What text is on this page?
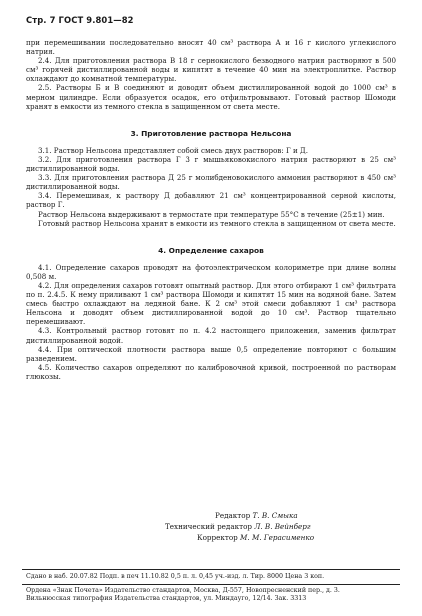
Стр. 7 ГОСТ 9.801—82

при перемешивании последовательно вносят 40 см³ раствора А и 16 г кислого углекислого натрия.

2.4. Для приготовления раствора В 18 г сернокислого безводного натрия растворяют в 500 см³ горячей дистиллированной воды и кипятят в течение 40 мин на электроплитке. Раствор охлаждают до комнатной температуры.

2.5. Растворы Б и В соединяют и доводят объем дистиллированной водой до 1000 см³ в мерном цилиндре. Если образуется осадок, его отфильтровывают. Готовый раствор Шомоди хранят в емкости из темного стекла в защищенном от света месте.

3. Приготовление раствора Нельсона

3.1. Раствор Нельсона представляет собой смесь двух растворов: Г и Д.

3.2. Для приготовления раствора Г 3 г мышьяковокислого натрия растворяют в 25 см³ дистиллированной воды.

3.3. Для приготовления раствора Д 25 г молибденовокислого аммония растворяют в 450 см³ дистиллированной воды.

3.4. Перемешивая, к раствору Д добавляют 21 см³ концентрированной серной кислоты, раствор Г.

Раствор Нельсона выдерживают в термостате при температуре 55°С в течение (25±1) мин.

Готовый раствор Нельсона хранят в емкости из темного стекла в защищенном от света месте.

4. Определение сахаров

4.1. Определение сахаров проводят на фотоэлектрическом колориметре при длине волны 0,508 м.

4.2. Для определения сахаров готовят опытный раствор. Для этого отбирают 1 см³ фильтрата по п. 2.4.5. К нему приливают 1 см³ раствора Шомоди и кипятят 15 мин на водяной бане. Затем смесь быстро охлаждают на ледяной бане. К 2 см³ этой смеси добавляют 1 см³ раствора Нельсона и доводят объем дистиллированной водой до 10 см³. Раствор тщательно перемешивают.

4.3. Контрольный раствор готовят по п. 4.2 настоящего приложения, заменив фильтрат дистиллированной водой.

4.4. При оптической плотности раствора выше 0,5 определение повторяют с большим разведением.

4.5. Количество сахаров определяют по калибровочной кривой, построенной по растворам глюкозы.

Редактор Т. В. Смыка

Технический редактор Л. В. Вейнберг

Корректор М. М. Герасименко

Сдано в наб. 20.07.82 Подп. в печ 11.10.82 0,5 п. л. 0,45 уч.-изд. л. Тир. 8000 Цена 3 коп.
Ордена «Знак Почета» Издательство стандартов, Москва, Д-557, Новопресненский пер., д. 3.
Вильнюсская типография Издательства стандартов, ул. Миндауго, 12/14. Зак. 3313
